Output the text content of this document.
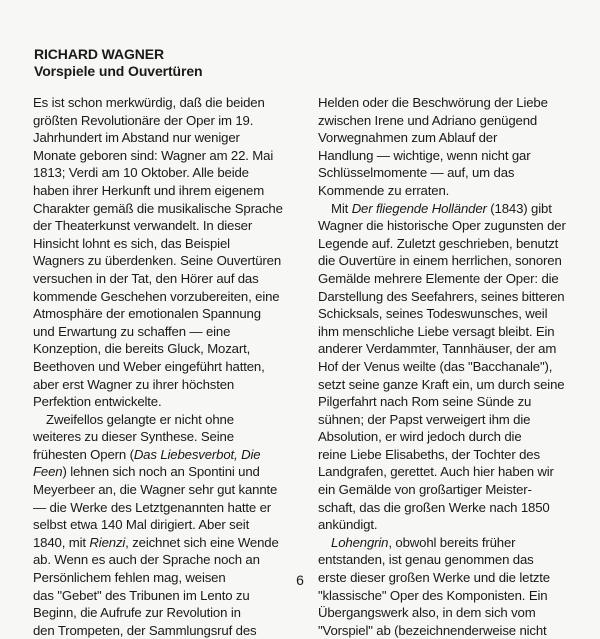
RICHARD WAGNER
Vorspiele und Ouvertüren
Es ist schon merkwürdig, daß die beiden
größten Revolutionäre der Oper im 19.
Jahrhundert im Abstand nur weniger
Monate geboren sind: Wagner am 22. Mai
1813; Verdi am 10 Oktober. Alle beide
haben ihrer Herkunft und ihrem eigenem
Charakter gemäß die musikalische Sprache
der Theaterkunst verwandelt. In dieser
Hinsicht lohnt es sich, das Beispiel
Wagners zu überdenken. Seine Ouvertüren
versuchen in der Tat, den Hörer auf das
kommende Geschehen vorzubereiten, eine
Atmosphäre der emotionalen Spannung
und Erwartung zu schaffen — eine
Konzeption, die bereits Gluck, Mozart,
Beethoven und Weber eingeführt hatten,
aber erst Wagner zu ihrer höchsten
Perfektion entwickelte.
 Zweifellos gelangte er nicht ohne
weiteres zu dieser Synthese. Seine
frühesten Opern (Das Liebesverbot, Die
Feen) lehnen sich noch an Spontini und
Meyerbeer an, die Wagner sehr gut kannte
— die Werke des Letztgenannten hatte er
selbst etwa 140 Mal dirigiert. Aber seit
1840, mit Rienzi, zeichnet sich eine Wende
ab. Wenn es auch der Sprache noch an
Persönlichem fehlen mag, weisen
das "Gebet" des Tribunen im Lento zu
Beginn, die Aufrufe zur Revolution in
den Trompeten, der Sammlungsruf des
Helden oder die Beschwörung der Liebe
zwischen Irene und Adriano genügend
Vorwegnahmen zum Ablauf der
Handlung — wichtige, wenn nicht gar
Schlüsselmomente — auf, um das
Kommende zu erraten.
 Mit Der fliegende Holländer (1843) gibt
Wagner die historische Oper zugunsten der
Legende auf. Zuletzt geschrieben, benutzt
die Ouvertüre in einem herrlichen, sonoren
Gemälde mehrere Elemente der Oper: die
Darstellung des Seefahrers, seines bitteren
Schicksals, seines Todeswunsches, weil
ihm menschliche Liebe versagt bleibt. Ein
anderer Verdammter, Tannhäuser, der am
Hof der Venus weilte (das "Bacchanale"),
setzt seine ganze Kraft ein, um durch seine
Pilgerfahrt nach Rom seine Sünde zu
sühnen; der Papst verweigert ihm die
Absolution, er wird jedoch durch die
reine Liebe Elisabeths, der Tochter des
Landgrafen, gerettet. Auch hier haben wir
ein Gemälde von großartiger Meister-
schaft, das die großen Werke nach 1850
ankündigt.
 Lohengrin, obwohl bereits früher
entstanden, ist genau genommen das
erste dieser großen Werke und die letzte
"klassische" Oper des Komponisten. Ein
Übergangswerk also, in dem sich vom
"Vorspiel" ab (bezeichnenderweise nicht
6
